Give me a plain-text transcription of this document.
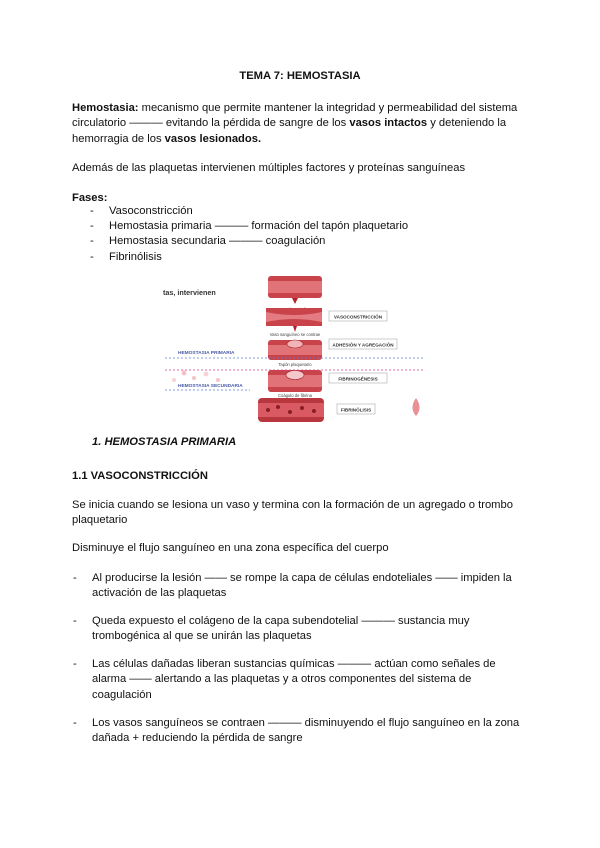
TEMA 7: HEMOSTASIA
Hemostasia: mecanismo que permite mantener la integridad y permeabilidad del sistema circulatorio ——— evitando la pérdida de sangre de los vasos intactos y deteniendo la hemorragia de los vasos lesionados.
Además de las plaquetas intervienen múltiples factores y proteínas sanguíneas
Fases:
- Vasoconstricción
- Hemostasia primaria ——— formación del tapón plaquetario
- Hemostasia secundaria ——— coagulación
- Fibrinólisis
tas, intervienen
Vaso sanguíneo se contrae
Tapón plaquetario
Coágulo de fibrina
VASOCONSTRICCIÓN
ADHESIÓN Y AGREGACIÓN
FIBRINOGÉNESIS
FIBRINÓLISIS
HEMOSTASIA PRIMARIA
HEMOSTASIA SECUNDARIA
1. HEMOSTASIA PRIMARIA
1.1 VASOCONSTRICCIÓN
Se inicia cuando se lesiona un vaso y termina con la formación de un agregado o trombo plaquetario
Disminuye el flujo sanguíneo en una zona específica del cuerpo
- Al producirse la lesión —— se rompe la capa de células endoteliales —— impiden la activación de las plaquetas
- Queda expuesto el colágeno de la capa subendotelial ——— sustancia muy trombogénica al que se unirán las plaquetas
- Las células dañadas liberan sustancias químicas ——— actúan como señales de alarma —— alertando a las plaquetas y a otros componentes del sistema de coagulación
- Los vasos sanguíneos se contraen ——— disminuyendo el flujo sanguíneo en la zona dañada + reduciendo la pérdida de sangre
